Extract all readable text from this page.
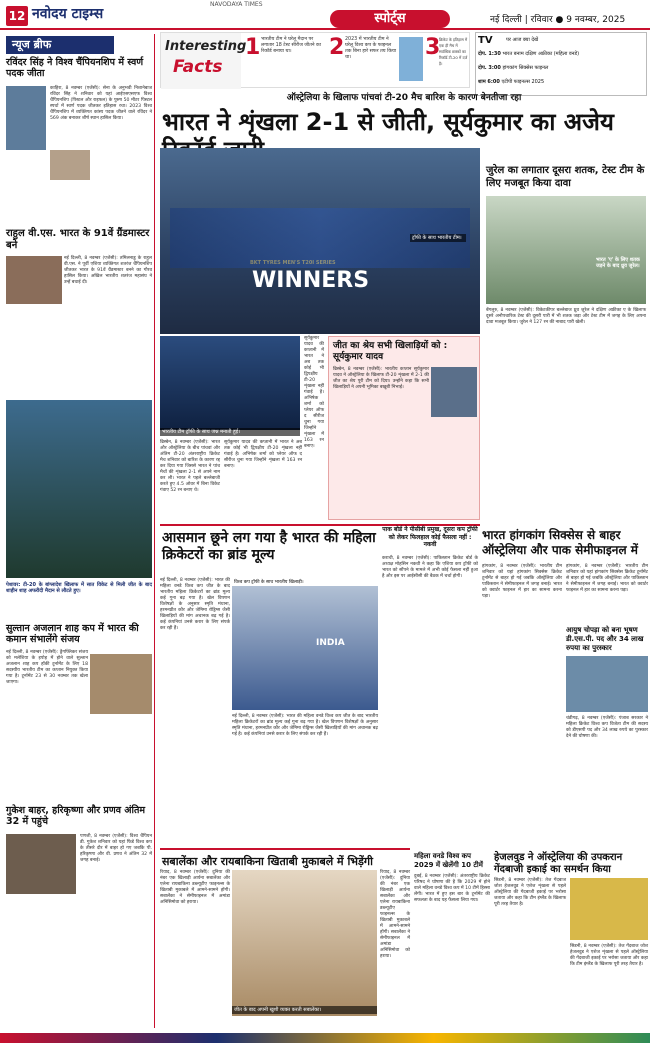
12 नवोदय टाइम्स
NAVODAYA TIMES
स्पोर्ट्स	नई दिल्ली | रविवार ● 9 नवम्बर, 2025
न्यूज ब्रीफ
रविंदर सिंह ने विश्व चैंपियनशिप में स्वर्ण पदक जीता

काहिरा, 8 नवम्बर (एजेंसी): सेना के अनुभवी निशानेबाज रविंदर सिंह ने शनिवार को यहां आईएसएसएफ विश्व चैंपियनशिप (पिस्टल और राइफल) के पुरुष 50 मीटर पिस्टल स्पर्धा में स्वर्ण पदक जीतकर इतिहास रचा। 2023 विश्व चैंपियनशिप में व्यक्तिगत कांस्य पदक जीतने वाले रविंदर ने 569 अंक बनाकर शीर्ष स्थान हासिल किया।

राहुल वी.एस. भारत के 91वें ग्रैंडमास्टर बने

नई दिल्ली, 8 नवम्बर (एजेंसी): तमिलनाडु के राहुल वी.एस. ने पूर्वी एशिया व्यक्तिगत शतरंज चैंपियनशिप जीतकर भारत के 91वें ग्रैंडमास्टर बनने का गौरव हासिल किया। अखिल भारतीय शतरंज महासंघ ने उन्हें बधाई दी।

पेशावर: टी-20 के बांग्लादेश खिलाफ में सात विकेट से मिली जीत के बाद शाहीन शाह अफरीदी मैदान से लौटते हुए।

सुल्तान अजलान शाह कप में भारत की कमान संभालेंगे संजय

नई दिल्ली, 8 नवम्बर (एजेंसी): ड्रैगफ्लिकर संजय को मलेशिया के इपोह में होने वाले सुल्तान अजलान शाह कप हॉकी टूर्नामेंट के लिए 18 सदस्यीय भारतीय टीम का कप्तान नियुक्त किया गया है। टूर्नामेंट 23 से 30 नवम्बर तक खेला जाएगा।

गुकेश बाहर, हरिकृष्णा और प्रणव अंतिम 32 में पहुंचे

पणजी, 8 नवम्बर (एजेंसी): विश्व चैंपियन डी. गुकेश शनिवार को यहां फिडे विश्व कप के तीसरे दौर में बाहर हो गए जबकि पी. हरिकृष्णा और वी. प्रणव ने अंतिम 32 में जगह बनाई।

Interesting
Facts
1 भारतीय टीम ने घरेलू मैदान पर लगातार 18 टेस्ट सीरीज जीतने का रिकॉर्ड बनाया था।	2 2023 में भारतीय टीम ने घरेलू विश्व कप के फाइनल तक बिना हारे सफर तय किया था।	3

क्रिकेट के इतिहास में एक ही मैच में सर्वाधिक छक्कों का रिकॉर्ड टी-20 में दर्ज है।

TV	पर आज क्या देखें
दोप. 1:30 भारत बनाम दक्षिण अफ्रीका (महिला वनडे)
दोप. 3:00 हांगकांग सिक्सेस फाइनल
शाम 6:00 एटीपी फाइनल्स 2025
ऑस्ट्रेलिया के खिलाफ पांचवां टी-20 मैच बारिश के कारण बेनतीजा रहा
भारत ने शृंखला 2-1 से जीती, सूर्यकुमार का अजेय
WINNERS
ट्रॉफी के साथ भारतीय टीम।
भारतीय टीम ट्रॉफी के साथ जश्न मनाती हुई।

ब्रिस्बेन, 8 नवम्बर (एजेंसी): भारत और ऑस्ट्रेलिया के बीच पांचवां और अंतिम टी-20 अंतरराष्ट्रीय क्रिकेट मैच शनिवार को बारिश के कारण रद्द कर दिया गया जिससे भारत ने पांच मैचों की शृंखला 2-1 से अपने नाम कर ली। भारत ने पहले बल्लेबाजी करते हुए 4.5 ओवर में बिना विकेट गंवाए 52 रन बनाए थे।

सूर्यकुमार यादव की कप्तानी में भारत ने अब तक कोई भी द्विपक्षीय टी-20 शृंखला नहीं गंवाई है। अभिषेक शर्मा को प्लेयर ऑफ द सीरीज चुना गया जिन्होंने शृंखला में 163 रन बनाए।

सूर्यकुमार यादव की कप्तानी में भारत ने अब तक कोई भी द्विपक्षीय टी-20 शृंखला नहीं गंवाई है। अभिषेक शर्मा को प्लेयर ऑफ द सीरीज चुना गया जिन्होंने शृंखला में 163 रन बनाए।

जीत का श्रेय सभी खिलाड़ियों को : सूर्यकुमार यादव

ब्रिस्बेन, 8 नवम्बर (एजेंसी): भारतीय कप्तान सूर्यकुमार यादव ने ऑस्ट्रेलिया के खिलाफ टी-20 शृंखला में 2-1 की जीत का श्रेय पूरी टीम को दिया। उन्होंने कहा कि सभी खिलाड़ियों ने अपनी भूमिका बखूबी निभाई।

जुरेल का लगातार दूसरा शतक, टेस्ट टीम के लिए मजबूत किया दावा
भारत 'ए' के लिए शतक जड़ने के बाद ध्रुव जुरेल।

बेंगलुरु, 8 नवम्बर (एजेंसी): विकेटकीपर बल्लेबाज ध्रुव जुरेल ने दक्षिण अफ्रीका ए के खिलाफ दूसरे अनौपचारिक टेस्ट की दूसरी पारी में भी शतक जड़ा और टेस्ट टीम में जगह के लिए अपना दावा मजबूत किया। जुरेल ने 127 रन की नाबाद पारी खेली।

आसमान छूने लग गया है भारत की महिला क्रिकेटरों का ब्रांड मूल्य

नई दिल्ली, 8 नवम्बर (एजेंसी): भारत की महिला वनडे विश्व कप जीत के बाद भारतीय महिला क्रिकेटरों का ब्रांड मूल्य कई गुना बढ़ गया है। खेल विपणन विशेषज्ञों के अनुसार स्मृति मंधाना, हरमनप्रीत कौर और जेमिमा रोड्रिग्स जैसी खिलाड़ियों की मांग अचानक बढ़ गई है। कई कंपनियां उनसे करार के लिए संपर्क कर रही हैं।

INDIA
विश्व कप ट्रॉफी के साथ भारतीय खिलाड़ी।

नई दिल्ली, 8 नवम्बर (एजेंसी): भारत की महिला वनडे विश्व कप जीत के बाद भारतीय महिला क्रिकेटरों का ब्रांड मूल्य कई गुना बढ़ गया है। खेल विपणन विशेषज्ञों के अनुसार स्मृति मंधाना, हरमनप्रीत कौर और जेमिमा रोड्रिग्स जैसी खिलाड़ियों की मांग अचानक बढ़ गई है। कई कंपनियां उनसे करार के लिए संपर्क कर रही हैं।

पाक बोर्ड ने पीसीबी प्रमुख, दूसरा कप ट्रॉफी को लेकर फिलहाल कोई फैसला नहीं : नकवी

कराची, 8 नवम्बर (एजेंसी): पाकिस्तान क्रिकेट बोर्ड के अध्यक्ष मोहसिन नकवी ने कहा कि एशिया कप ट्रॉफी को भारत को सौंपने के मामले में अभी कोई फैसला नहीं हुआ है और इस पर आईसीसी की बैठक में चर्चा होगी।

भारत हांगकांग सिक्सेस से बाहर ऑस्ट्रेलिया और पाक सेमीफाइनल में

हांगकांग, 8 नवम्बर (एजेंसी): भारतीय टीम शनिवार को यहां हांगकांग सिक्सेस क्रिकेट टूर्नामेंट से बाहर हो गई जबकि ऑस्ट्रेलिया और पाकिस्तान ने सेमीफाइनल में जगह बनाई। भारत को क्वार्टर फाइनल में हार का सामना करना पड़ा।

हांगकांग, 8 नवम्बर (एजेंसी): भारतीय टीम शनिवार को यहां हांगकांग सिक्सेस क्रिकेट टूर्नामेंट से बाहर हो गई जबकि ऑस्ट्रेलिया और पाकिस्तान ने सेमीफाइनल में जगह बनाई। भारत को क्वार्टर फाइनल में हार का सामना करना पड़ा।

आयुष चोपड़ा को बना भूषण डी.एस.पी. पद और 34 लाख रुपया का पुरस्कार

चंडीगढ़, 8 नवम्बर (एजेंसी): पंजाब सरकार ने महिला क्रिकेट विश्व कप विजेता टीम की सदस्य को डीएसपी पद और 34 लाख रुपये का पुरस्कार देने की घोषणा की।

सबालेंका और रायबाकिना खिताबी मुकाबले में भिड़ेंगी

रियाद, 8 नवम्बर (एजेंसी): दुनिया की नंबर एक खिलाड़ी आर्यना सबालेंका और एलेना रायबाकिना डब्ल्यूटीए फाइनल्स के खिताबी मुकाबले में आमने-सामने होंगी। सबालेंका ने सेमीफाइनल में अमांडा अनिसिमोवा को हराया।

जीत के बाद अपनी खुशी व्यक्त करती सबालेंका।

रियाद, 8 नवम्बर (एजेंसी): दुनिया की नंबर एक खिलाड़ी आर्यना सबालेंका और एलेना रायबाकिना डब्ल्यूटीए फाइनल्स के खिताबी मुकाबले में आमने-सामने होंगी। सबालेंका ने सेमीफाइनल में अमांडा अनिसिमोवा को हराया।

महिला वनडे विश्व कप 2029 में खेलेंगी 10 टीमें

दुबई, 8 नवम्बर (एजेंसी): अंतरराष्ट्रीय क्रिकेट परिषद ने घोषणा की है कि 2029 में होने वाले महिला वनडे विश्व कप में 10 टीमें हिस्सा लेंगी। भारत में हुए इस बार के टूर्नामेंट की सफलता के बाद यह फैसला लिया गया।

हेजलवुड ने ऑस्ट्रेलिया की उपकरान गेंदबाजी इकाई का समर्थन किया

सिडनी, 8 नवम्बर (एजेंसी): तेज गेंदबाज जोश हेजलवुड ने एशेज शृंखला से पहले ऑस्ट्रेलिया की गेंदबाजी इकाई पर भरोसा जताया और कहा कि टीम इंग्लैंड के खिलाफ पूरी तरह तैयार है।

सिडनी, 8 नवम्बर (एजेंसी): तेज गेंदबाज जोश हेजलवुड ने एशेज शृंखला से पहले ऑस्ट्रेलिया की गेंदबाजी इकाई पर भरोसा जताया और कहा कि टीम इंग्लैंड के खिलाफ पूरी तरह तैयार है।
